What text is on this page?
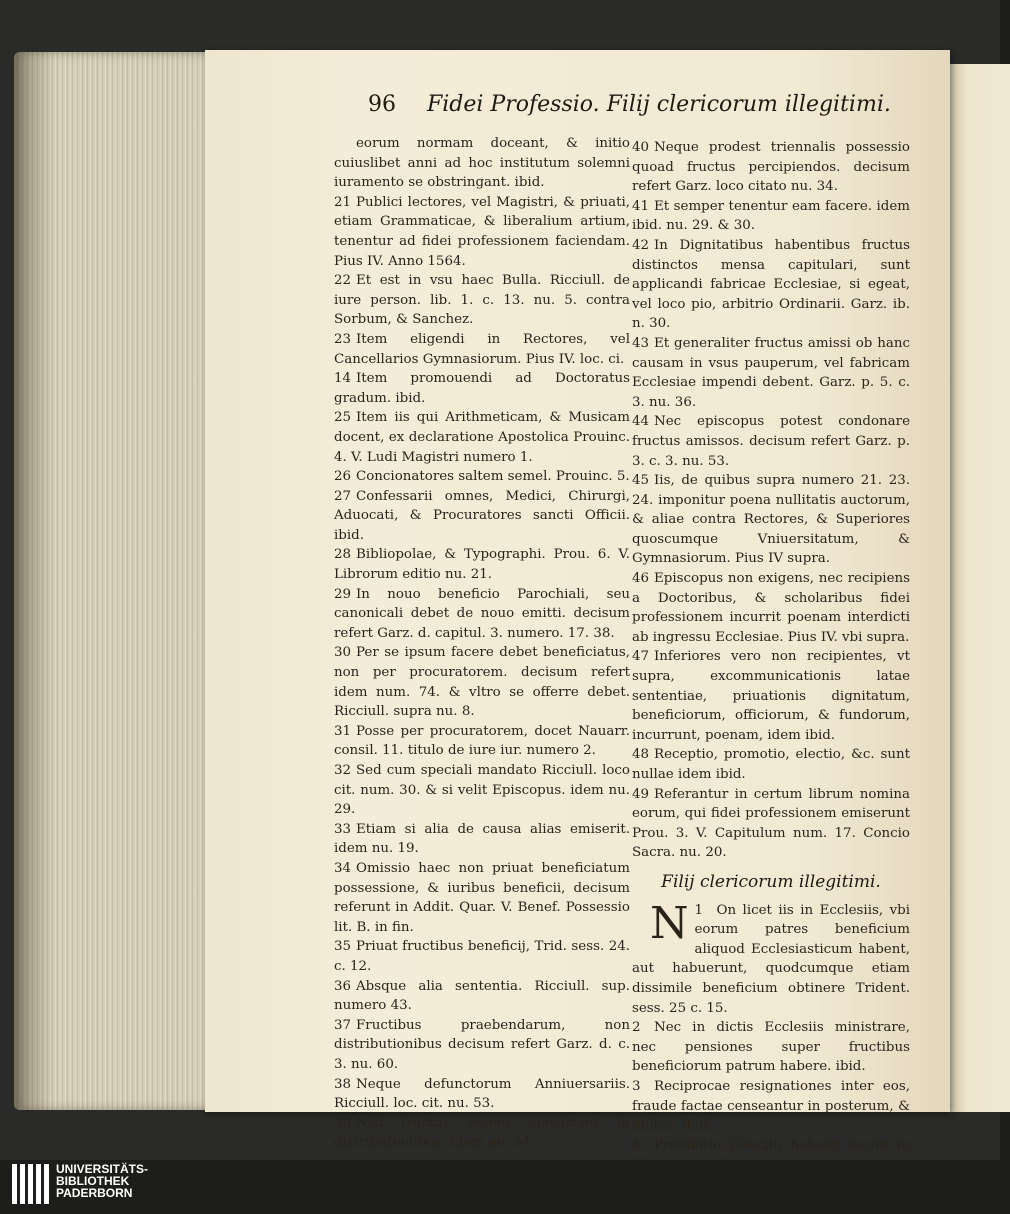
96 Fidei Professio. Filij clericorum illegitimi.

eorum normam doceant, & initio cuiuslibet anni ad hoc institutum solemni iuramento se obstringant. ibid.

21 Publici lectores, vel Magistri, & priuati, etiam Grammaticae, & liberalium artium, tenentur ad fidei professionem faciendam. Pius IV. Anno 1564.

22 Et est in vsu haec Bulla. Ricciull. de iure person. lib. 1. c. 13. nu. 5. contra Sorbum, & Sanchez.

23 Item eligendi in Rectores, vel Cancellarios Gymnasiorum. Pius IV. loc. ci.

14 Item promouendi ad Doctoratus gradum. ibid.

25 Item iis qui Arithmeticam, & Musicam docent, ex declaratione Apostolica Prouinc. 4. V. Ludi Magistri numero 1.

26 Concionatores saltem semel. Prouinc. 5.

27 Confessarii omnes, Medici, Chirurgi, Aduocati, & Procuratores sancti Officii. ibid.

28 Bibliopolae, & Typographi. Prou. 6. V. Librorum editio nu. 21.

29 In nouo beneficio Parochiali, seu canonicali debet de nouo emitti. decisum refert Garz. d. capitul. 3. numero. 17. 38.

30 Per se ipsum facere debet beneficiatus, non per procuratorem. decisum refert idem num. 74. & vltro se offerre debet. Ricciull. supra nu. 8.

31 Posse per procuratorem, docet Nauarr. consil. 11. titulo de iure iur. numero 2.

32 Sed cum speciali mandato Ricciull. loco cit. num. 30. & si velit Episcopus. idem nu. 29.

33 Etiam si alia de causa alias emiserit. idem nu. 19.

34 Omissio haec non priuat beneficiatum possessione, & iuribus beneficii, decisum referunt in Addit. Quar. V. Benef. Possessio lit. B. in fin.

35 Priuat fructibus beneficij, Trid. sess. 24. c. 12.

36 Absque alia sententia. Ricciull. sup. numero 43.

37 Fructibus praebendarum, non distributionibus decisum refert Garz. d. c. 3. nu. 60.

38 Neque defunctorum Anniuersariis. Ricciull. loc. cit. nu. 53.

39 Nisi fructus omnes consistant in distributionibus. idem nu. 54.

40 Neque prodest triennalis possessio quoad fructus percipiendos. decisum refert Garz. loco citato nu. 34.

41 Et semper tenentur eam facere. idem ibid. nu. 29. & 30.

42 In Dignitatibus habentibus fructus distinctos mensa capitulari, sunt applicandi fabricae Ecclesiae, si egeat, vel loco pio, arbitrio Ordinarii. Garz. ib. n. 30.

43 Et generaliter fructus amissi ob hanc causam in vsus pauperum, vel fabricam Ecclesiae impendi debent. Garz. p. 5. c. 3. nu. 36.

44 Nec episcopus potest condonare fructus amissos. decisum refert Garz. p. 3. c. 3. nu. 53.

45 Iis, de quibus supra numero 21. 23. 24. imponitur poena nullitatis auctorum, & aliae contra Rectores, & Superiores quoscumque Vniuersitatum, & Gymnasiorum. Pius IV supra.

46 Episcopus non exigens, nec recipiens a Doctoribus, & scholaribus fidei professionem incurrit poenam interdicti ab ingressu Ecclesiae. Pius IV. vbi supra.

47 Inferiores vero non recipientes, vt supra, excommunicationis latae sententiae, priuationis dignitatum, beneficiorum, officiorum, & fundorum, incurrunt, poenam, idem ibid.

48 Receptio, promotio, electio, &c. sunt nullae idem ibid.

49 Referantur in certum librum nomina eorum, qui fidei professionem emiserunt Prou. 3. V. Capitulum num. 17. Concio Sacra. nu. 20.

Filij clericorum illegitimi.

1
N On licet iis in Ecclesiis, vbi eorum patres beneficium aliquod Ecclesiasticum habent, aut habuerunt, quodcumque etiam dissimile beneficium obtinere Trident. sess. 25 c. 15.

2 Nec in dictis Ecclesiis ministrare, nec pensiones super fructibus beneficiorum patrum habere. ibid.

3 Reciprocae resignationes inter eos, fraude factae censeantur in posterum, & nullae. ibid.

4 Prohibitio Concilii habent locum in

UNIVERSITÄTS-
BIBLIOTHEK
PADERBORN
